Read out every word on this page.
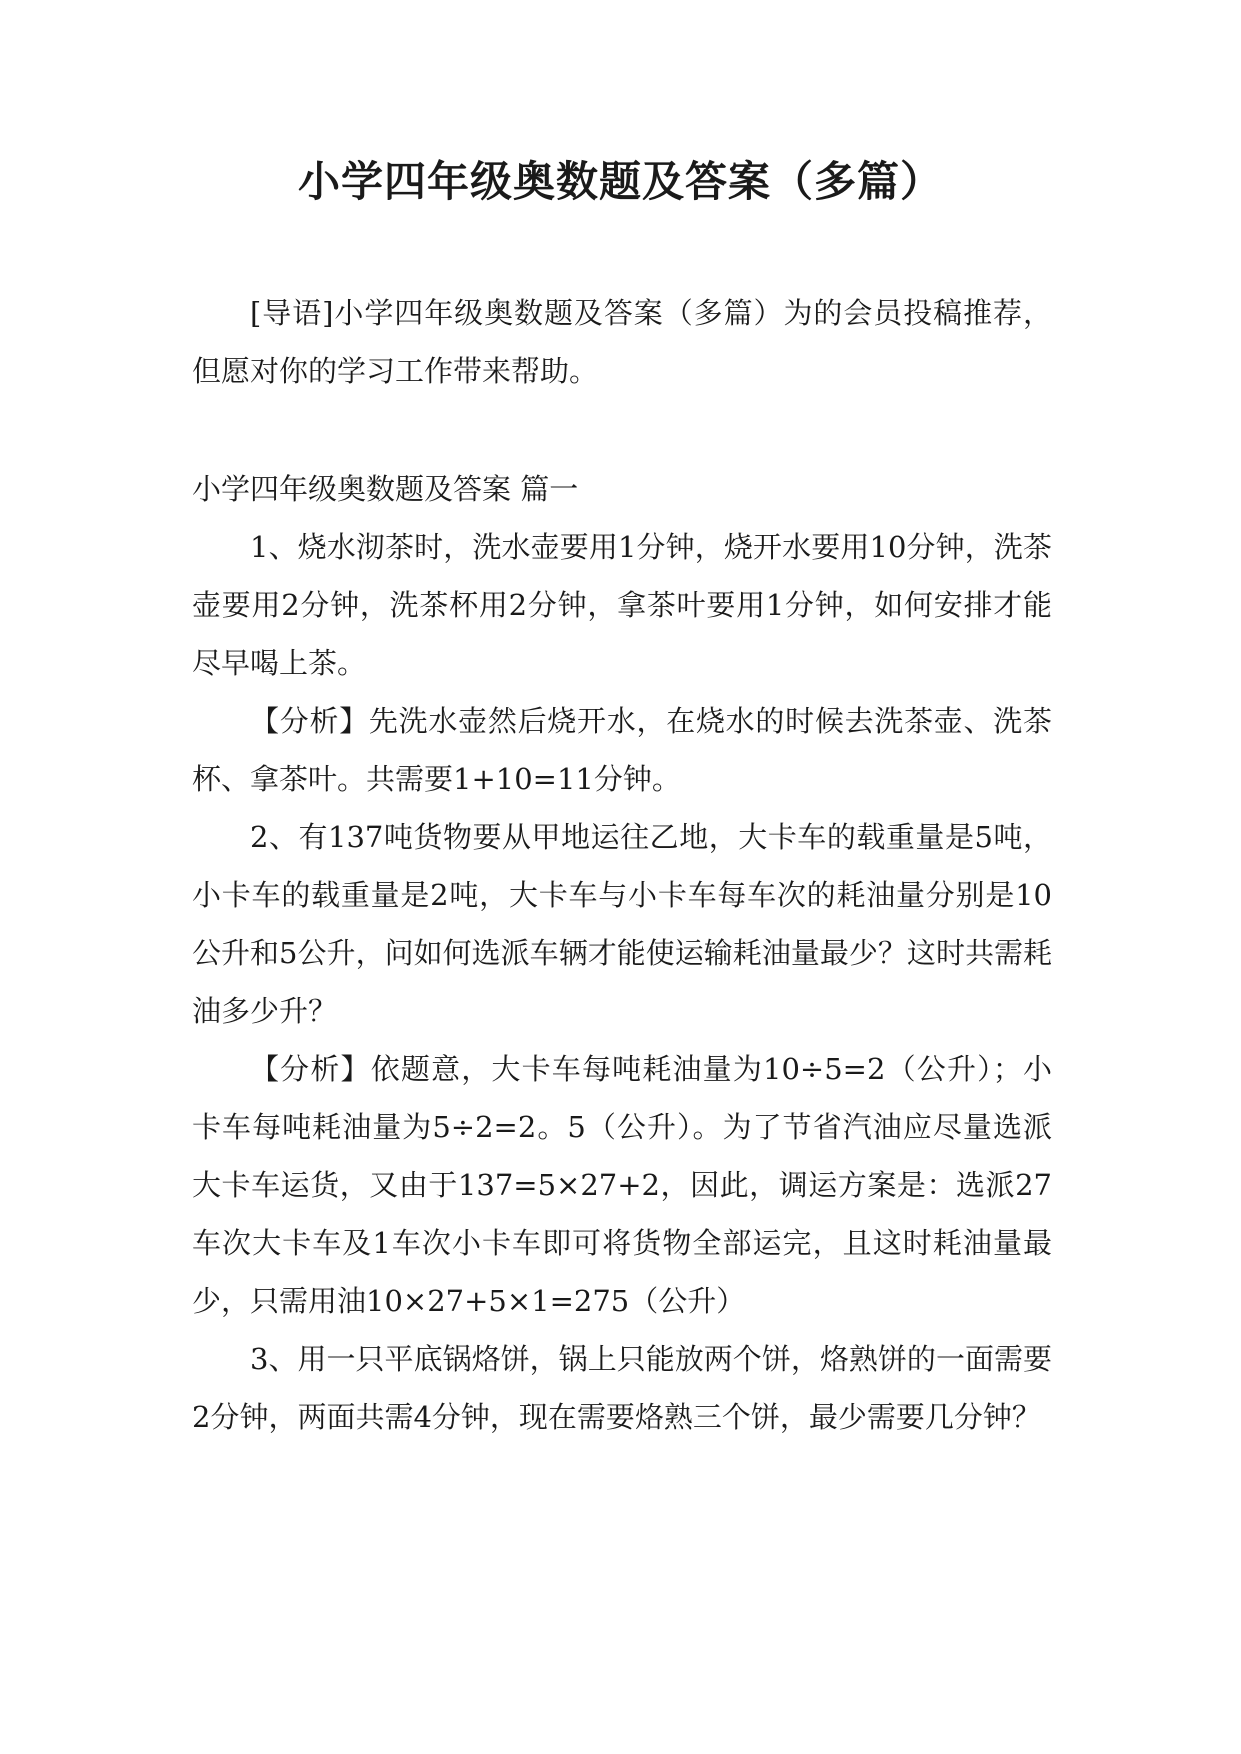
小学四年级奥数题及答案（多篇）

[导语]小学四年级奥数题及答案（多篇）为的会员投稿推荐，但愿对你的学习工作带来帮助。

小学四年级奥数题及答案 篇一

1、烧水沏茶时，洗水壶要用1分钟，烧开水要用10分钟，洗茶壶要用2分钟，洗茶杯用2分钟，拿茶叶要用1分钟，如何安排才能尽早喝上茶。

【分析】先洗水壶然后烧开水，在烧水的时候去洗茶壶、洗茶杯、拿茶叶。共需要1+10=11分钟。

2、有137吨货物要从甲地运往乙地，大卡车的载重量是5吨，小卡车的载重量是2吨，大卡车与小卡车每车次的耗油量分别是10公升和5公升，问如何选派车辆才能使运输耗油量最少？这时共需耗油多少升？

【分析】依题意，大卡车每吨耗油量为10÷5=2（公升）；小卡车每吨耗油量为5÷2=2。5（公升）。为了节省汽油应尽量选派大卡车运货，又由于137=5×27+2，因此，调运方案是：选派27车次大卡车及1车次小卡车即可将货物全部运完，且这时耗油量最少，只需用油10×27+5×1=275（公升）

3、用一只平底锅烙饼，锅上只能放两个饼，烙熟饼的一面需要2分钟，两面共需4分钟，现在需要烙熟三个饼，最少需要几分钟？
